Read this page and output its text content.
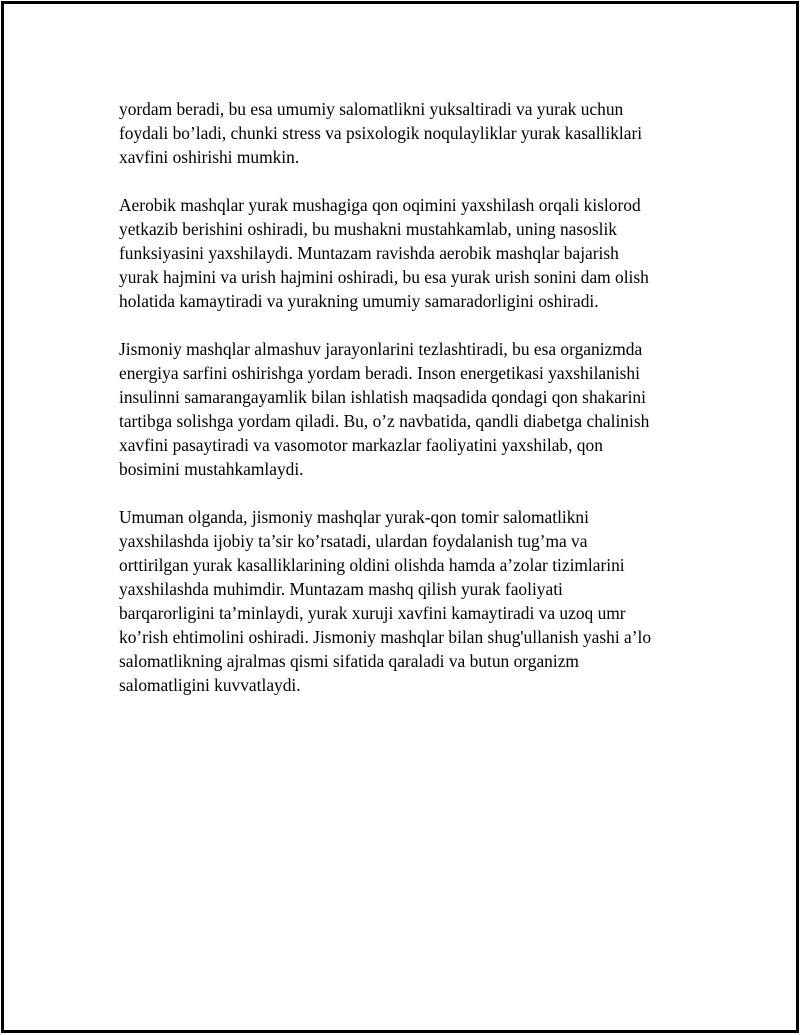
yordam beradi, bu esa umumiy salomatlikni yuksaltiradi va yurak uchun
foydali bo’ladi, chunki stress va psixologik noqulayliklar yurak kasalliklari
xavfini oshirishi mumkin.

Aerobik mashqlar yurak mushagiga qon oqimini yaxshilash orqali kislorod
yetkazib berishini oshiradi, bu mushakni mustahkamlab, uning nasoslik
funksiyasini yaxshilaydi. Muntazam ravishda aerobik mashqlar bajarish
yurak hajmini va urish hajmini oshiradi, bu esa yurak urish sonini dam olish
holatida kamaytiradi va yurakning umumiy samaradorligini oshiradi.

Jismoniy mashqlar almashuv jarayonlarini tezlashtiradi, bu esa organizmda
energiya sarfini oshirishga yordam beradi. Inson energetikasi yaxshilanishi
insulinni samarangayamlik bilan ishlatish maqsadida qondagi qon shakarini
tartibga solishga yordam qiladi. Bu, o’z navbatida, qandli diabetga chalinish
xavfini pasaytiradi va vasomotor markazlar faoliyatini yaxshilab, qon
bosimini mustahkamlaydi.

Umuman olganda, jismoniy mashqlar yurak-qon tomir salomatlikni
yaxshilashda ijobiy ta’sir ko’rsatadi, ulardan foydalanish tug’ma va
orttirilgan yurak kasalliklarining oldini olishda hamda a’zolar tizimlarini
yaxshilashda muhimdir. Muntazam mashq qilish yurak faoliyati
barqarorligini ta’minlaydi, yurak xuruji xavfini kamaytiradi va uzoq umr
ko’rish ehtimolini oshiradi. Jismoniy mashqlar bilan shug'ullanish yashi a’lo
salomatlikning ajralmas qismi sifatida qaraladi va butun organizm
salomatligini kuvvatlaydi.
